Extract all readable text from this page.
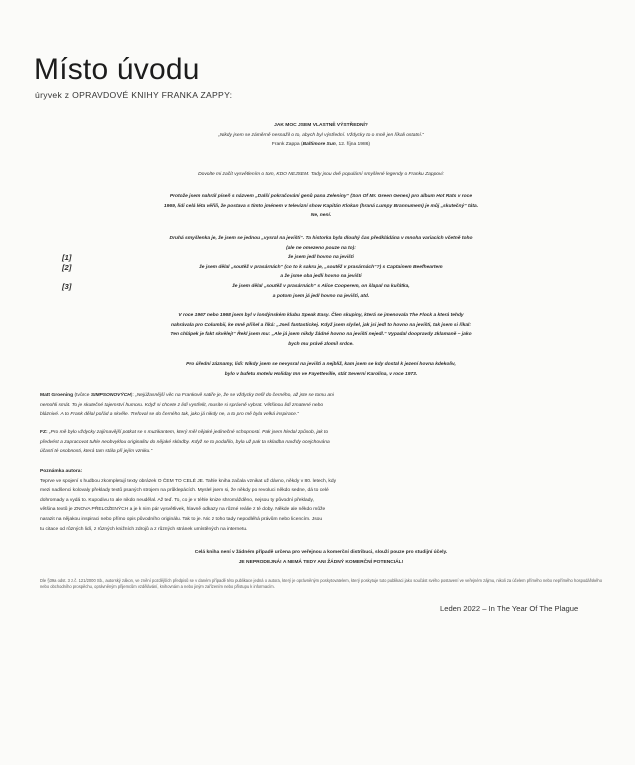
Místo úvodu
úryvek z OPRAVDOVÉ KNIHY FRANKA ZAPPY:
JAK MOC JSEM VLASTNĚ VÝSTŘEDNÍ?
„Nikdy jsem se záměrně nesnažil o to, abych byl výstřední. Vždycky to o mně jen říkali ostatní.“
Frank Zappa (Baltimore Sun, 12. října 1986)
Dovolte mi začít vysvětlením o tom, KDO NEJSEM. Tady jsou dvě populární smyšlené legendy o Franku Zappovi:
Protože jsem nahrál píseň s názvem „Další pokračování genů pana Zeleniny“ (Son Of Mr. Green Genes) pro album Hot Rats v roce
1969, lidi celá léta věřili, že postava s tímto jménem v televizní show Kapitán Klokan (hraná Lumpy Brannumem) je můj „skutečný“ táta.
Ne, není.
Druhá smyšlenka je, že jsem se jednou „vysral na jevišti“. Ta historka byla dlouhý čas předkládána v mnoha variacích včetně toho
(ale ne omezeno pouze na to):
[1]	že jsem jedl hovno na jevišti
[2]	že jsem dělal „soutěž v prasárnách“ (co to k sakru je, „soutěž v prasárnách“?) s Captainem Beefheartem
a že jsme oba jedli hovno na jevišti
[3]	že jsem dělal „soutěž v prasárnách“ s Alice Cooperem, on šlapal na kuřátka,
a potom jsem já jedl hovno na jevišti, atd.
V roce 1967 nebo 1968 jsem byl v londýnském klubu Speak Easy. Člen skupiny, která se jmenovala The Flock a která tehdy
nahrávala pro Columbii, ke mně přišel a říká: „Jseš fantastickej. Když jsem slyšel, jak jsi jedl to hovno na jevišti, tak jsem si říkal:
Ten chlápek je fakt skvělej!“ Řekl jsem mu: „Ale já jsem nikdy žádné hovno na jevišti nejedl.“ Vypadal doopravdy zklamaně – jako
bych mu právě zlomil srdce.
Pro úřední záznamy, lidi: Nikdy jsem se nevysral na jevišti a nejbliž, kam jsem se kdy dostal k jezení hovna kdekoliv,
bylo v bufetu motelu Holiday Inn ve Fayetteville, stát Severní Karolína, v roce 1973.
Matt Groening (tvůrce SIMPSONOVÝCH): „Nejúžasnější věc na Frankově satiře je, že se vždycky trefil do černého, až jste se tomu ani
nemohli smát. To je skutečné tajemství humoru. Když si chcete z lidí vystřelit, musíte si správně vybrat. Většinou lidí zmatené nebo
bláznivé. A to Frank dělal pořád a skvěle. Trefoval se do černého tak, jako já nikdy ne, a to pro mě byla velká inspirace.“
FZ: „Pro mě bylo vždycky zajímavější potkat se s muzikantem, který měl nějaké jedinečné schopnosti. Pak jsem hledal způsob, jak to
předvést a zapracovat tuhle neobvyklou originalitu do nějaké skladby. Když se to podařilo, byla už pak ta skladba navždy ocejchována
účastí té osobnosti, která tam stála při jejím vzniku.“
Poznámka autora:
Teprve ve spojení s hudbou zkompletují texty obrázek O ČEM TO CELÉ JE. Tahle kniha začala vznikat už dávno, někdy v 80. letech, kdy
mezi nadšenci kolovaly překlady textů psaných strojem na průklepácích. Myslel jsem si, že někdy po revoluci někdo sedne, dá to celé
dohromady a vydá to. Kupodivu to ale nikdo neudělal. Až teď. To, co je v téhle knize shromážděno, nejsou ty původní překlady,
většina textů je ZNOVA PŘELOŽENÝCH a je k nim pár vysvětlivek, hlavně odkazy na různé reálie z té doby. Někde ale někdo může
narazit na nějakou inspiraci nebo přímo opis původního originálu. Tak to je. Nic z toho tady nepodléhá právům nebo licencím. Jsou
tu citace od různých lidí, z různých knižních zdrojů a z různých stránek umístěných na internetu.
Celá kniha není v žádném případě určena pro veřejnou a komerční distribuci, slouží pouze pro studijní účely.
JE NEPRODEJNÁ! A NEMÁ TEDY ANI ŽÁDNÝ KOMERČNÍ POTENCIÁL!
Dle §39a odst. 3 z.č. 121/2000 Sb., autorský zákon, ve znění pozdějších předpisů se v daném případě této publikace jedná o autora, který je oprávněným poskytovatelem, který poskytuje tuto publikaci jako součást svého postavení ve veřejném zájmu, nikoli za účelem přímého nebo nepřímého hospodářského nebo obchodního prospěchu, oprávněným přijemcům vzdělávání, knihovnám a nebo jiným zařízením nebo přístupu k informacím.
Leden 2022 – In The Year Of The Plague
